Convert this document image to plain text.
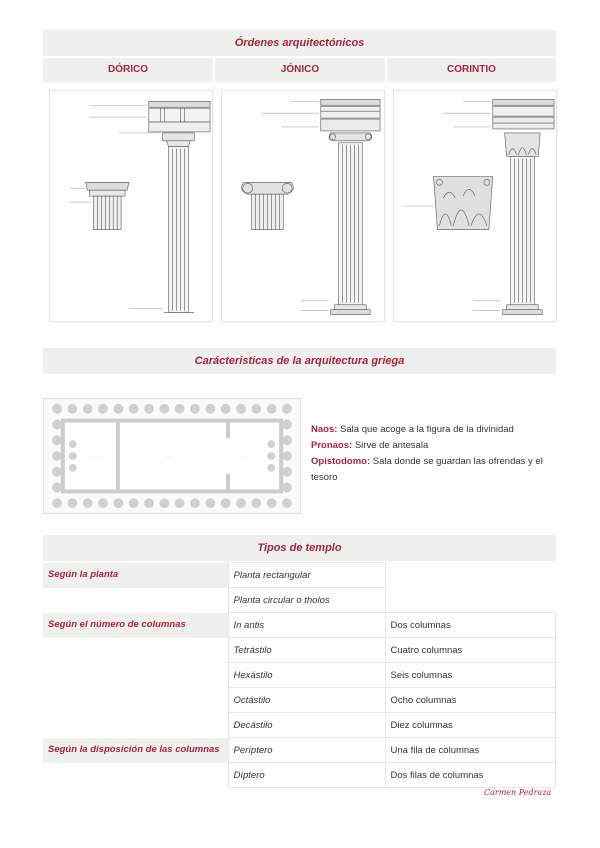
Órdenes arquitectónicos
DÓRICO	JÓNICO	CORINTIO
Carácteristicas de la arquitectura griega
- - - - - -	- -	- - - -

Naos: Sala que acoge a la figura de la divinidad

Pronaos: Sirve de antesala

Opistodomo: Sala donde se guardan las ofrendas y el tesoro

Tipos de templo
Según la planta	Planta rectangular	
	Planta circular o tholos	
Según el número de columnas	In antis	Dos columnas
	Tetrástilo	Cuatro columnas
	Hexástilo	Seis columnas
	Octástilo	Ocho columnas
	Decástilo	Diez columnas
Según la disposición de las columnas	Períptero	Una fila de columnas
	Díptero	Dos filas de columnas
Carmen Pedraza
